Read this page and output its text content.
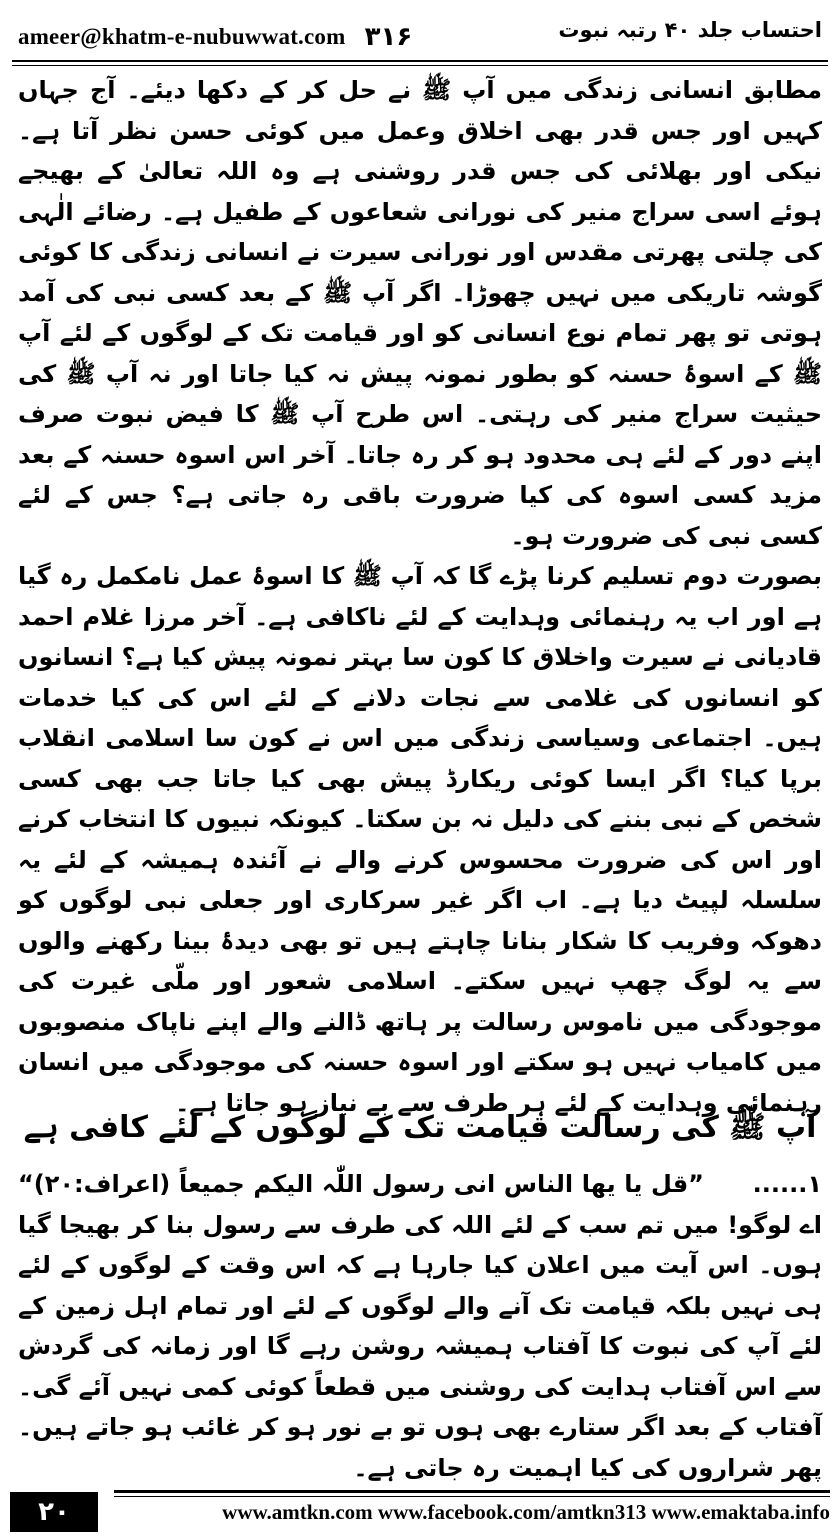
ameer@khatm-e-nubuwwat.com ۳۱۶	احتساب جلد ۴۰ رتبہ نبوت

مطابق انسانی زندگی میں آپ ﷺ نے حل کر کے دکھا دیئے۔ آج جہاں کہیں اور جس قدر بھی اخلاق وعمل میں کوئی حسن نظر آتا ہے۔ نیکی اور بھلائی کی جس قدر روشنی ہے وہ اللہ تعالیٰ کے بھیجے ہوئے اسی سراج منیر کی نورانی شعاعوں کے طفیل ہے۔ رضائے الٰہی کی چلتی پھرتی مقدس اور نورانی سیرت نے انسانی زندگی کا کوئی گوشہ تاریکی میں نہیں چھوڑا۔ اگر آپ ﷺ کے بعد کسی نبی کی آمد ہوتی تو پھر تمام نوع انسانی کو اور قیامت تک کے لوگوں کے لئے آپ ﷺ کے اسوۂ حسنہ کو بطور نمونہ پیش نہ کیا جاتا اور نہ آپ ﷺ کی حیثیت سراج منیر کی رہتی۔ اس طرح آپ ﷺ کا فیض نبوت صرف اپنے دور کے لئے ہی محدود ہو کر رہ جاتا۔ آخر اس اسوہ حسنہ کے بعد مزید کسی اسوہ کی کیا ضرورت باقی رہ جاتی ہے؟ جس کے لئے کسی نبی کی ضرورت ہو۔

بصورت دوم تسلیم کرنا پڑے گا کہ آپ ﷺ کا اسوۂ عمل نامکمل رہ گیا ہے اور اب یہ رہنمائی وہدایت کے لئے ناکافی ہے۔ آخر مرزا غلام احمد قادیانی نے سیرت واخلاق کا کون سا بہتر نمونہ پیش کیا ہے؟ انسانوں کو انسانوں کی غلامی سے نجات دلانے کے لئے اس کی کیا خدمات ہیں۔ اجتماعی وسیاسی زندگی میں اس نے کون سا اسلامی انقلاب برپا کیا؟ اگر ایسا کوئی ریکارڈ پیش بھی کیا جاتا جب بھی کسی شخص کے نبی بننے کی دلیل نہ بن سکتا۔ کیونکہ نبیوں کا انتخاب کرنے اور اس کی ضرورت محسوس کرنے والے نے آئندہ ہمیشہ کے لئے یہ سلسلہ لپیٹ دیا ہے۔ اب اگر غیر سرکاری اور جعلی نبی لوگوں کو دھوکہ وفریب کا شکار بنانا چاہتے ہیں تو بھی دیدۂ بینا رکھنے والوں سے یہ لوگ چھپ نہیں سکتے۔ اسلامی شعور اور ملّی غیرت کی موجودگی میں ناموس رسالت پر ہاتھ ڈالنے والے اپنے ناپاک منصوبوں میں کامیاب نہیں ہو سکتے اور اسوہ حسنہ کی موجودگی میں انسان رہنمائی وہدایت کے لئے ہر طرف سے بے نیاز ہو جاتا ہے۔

آپ ﷺ کی رسالت قیامت تک کے لوگوں کے لئے کافی ہے

۱...... ”قل یا یھا الناس انی رسول اللّٰہ الیکم جمیعاً (اعراف:۲۰)“ اے لوگو! میں تم سب کے لئے اللہ کی طرف سے رسول بنا کر بھیجا گیا ہوں۔ اس آیت میں اعلان کیا جارہا ہے کہ اس وقت کے لوگوں کے لئے ہی نہیں بلکہ قیامت تک آنے والے لوگوں کے لئے اور تمام اہل زمین کے لئے آپ کی نبوت کا آفتاب ہمیشہ روشن رہے گا اور زمانہ کی گردش سے اس آفتاب ہدایت کی روشنی میں قطعاً کوئی کمی نہیں آئے گی۔ آفتاب کے بعد اگر ستارے بھی ہوں تو بے نور ہو کر غائب ہو جاتے ہیں۔ پھر شراروں کی کیا اہمیت رہ جاتی ہے۔

۲۰	www.amtkn.com www.facebook.com/amtkn313 www.emaktaba.info
